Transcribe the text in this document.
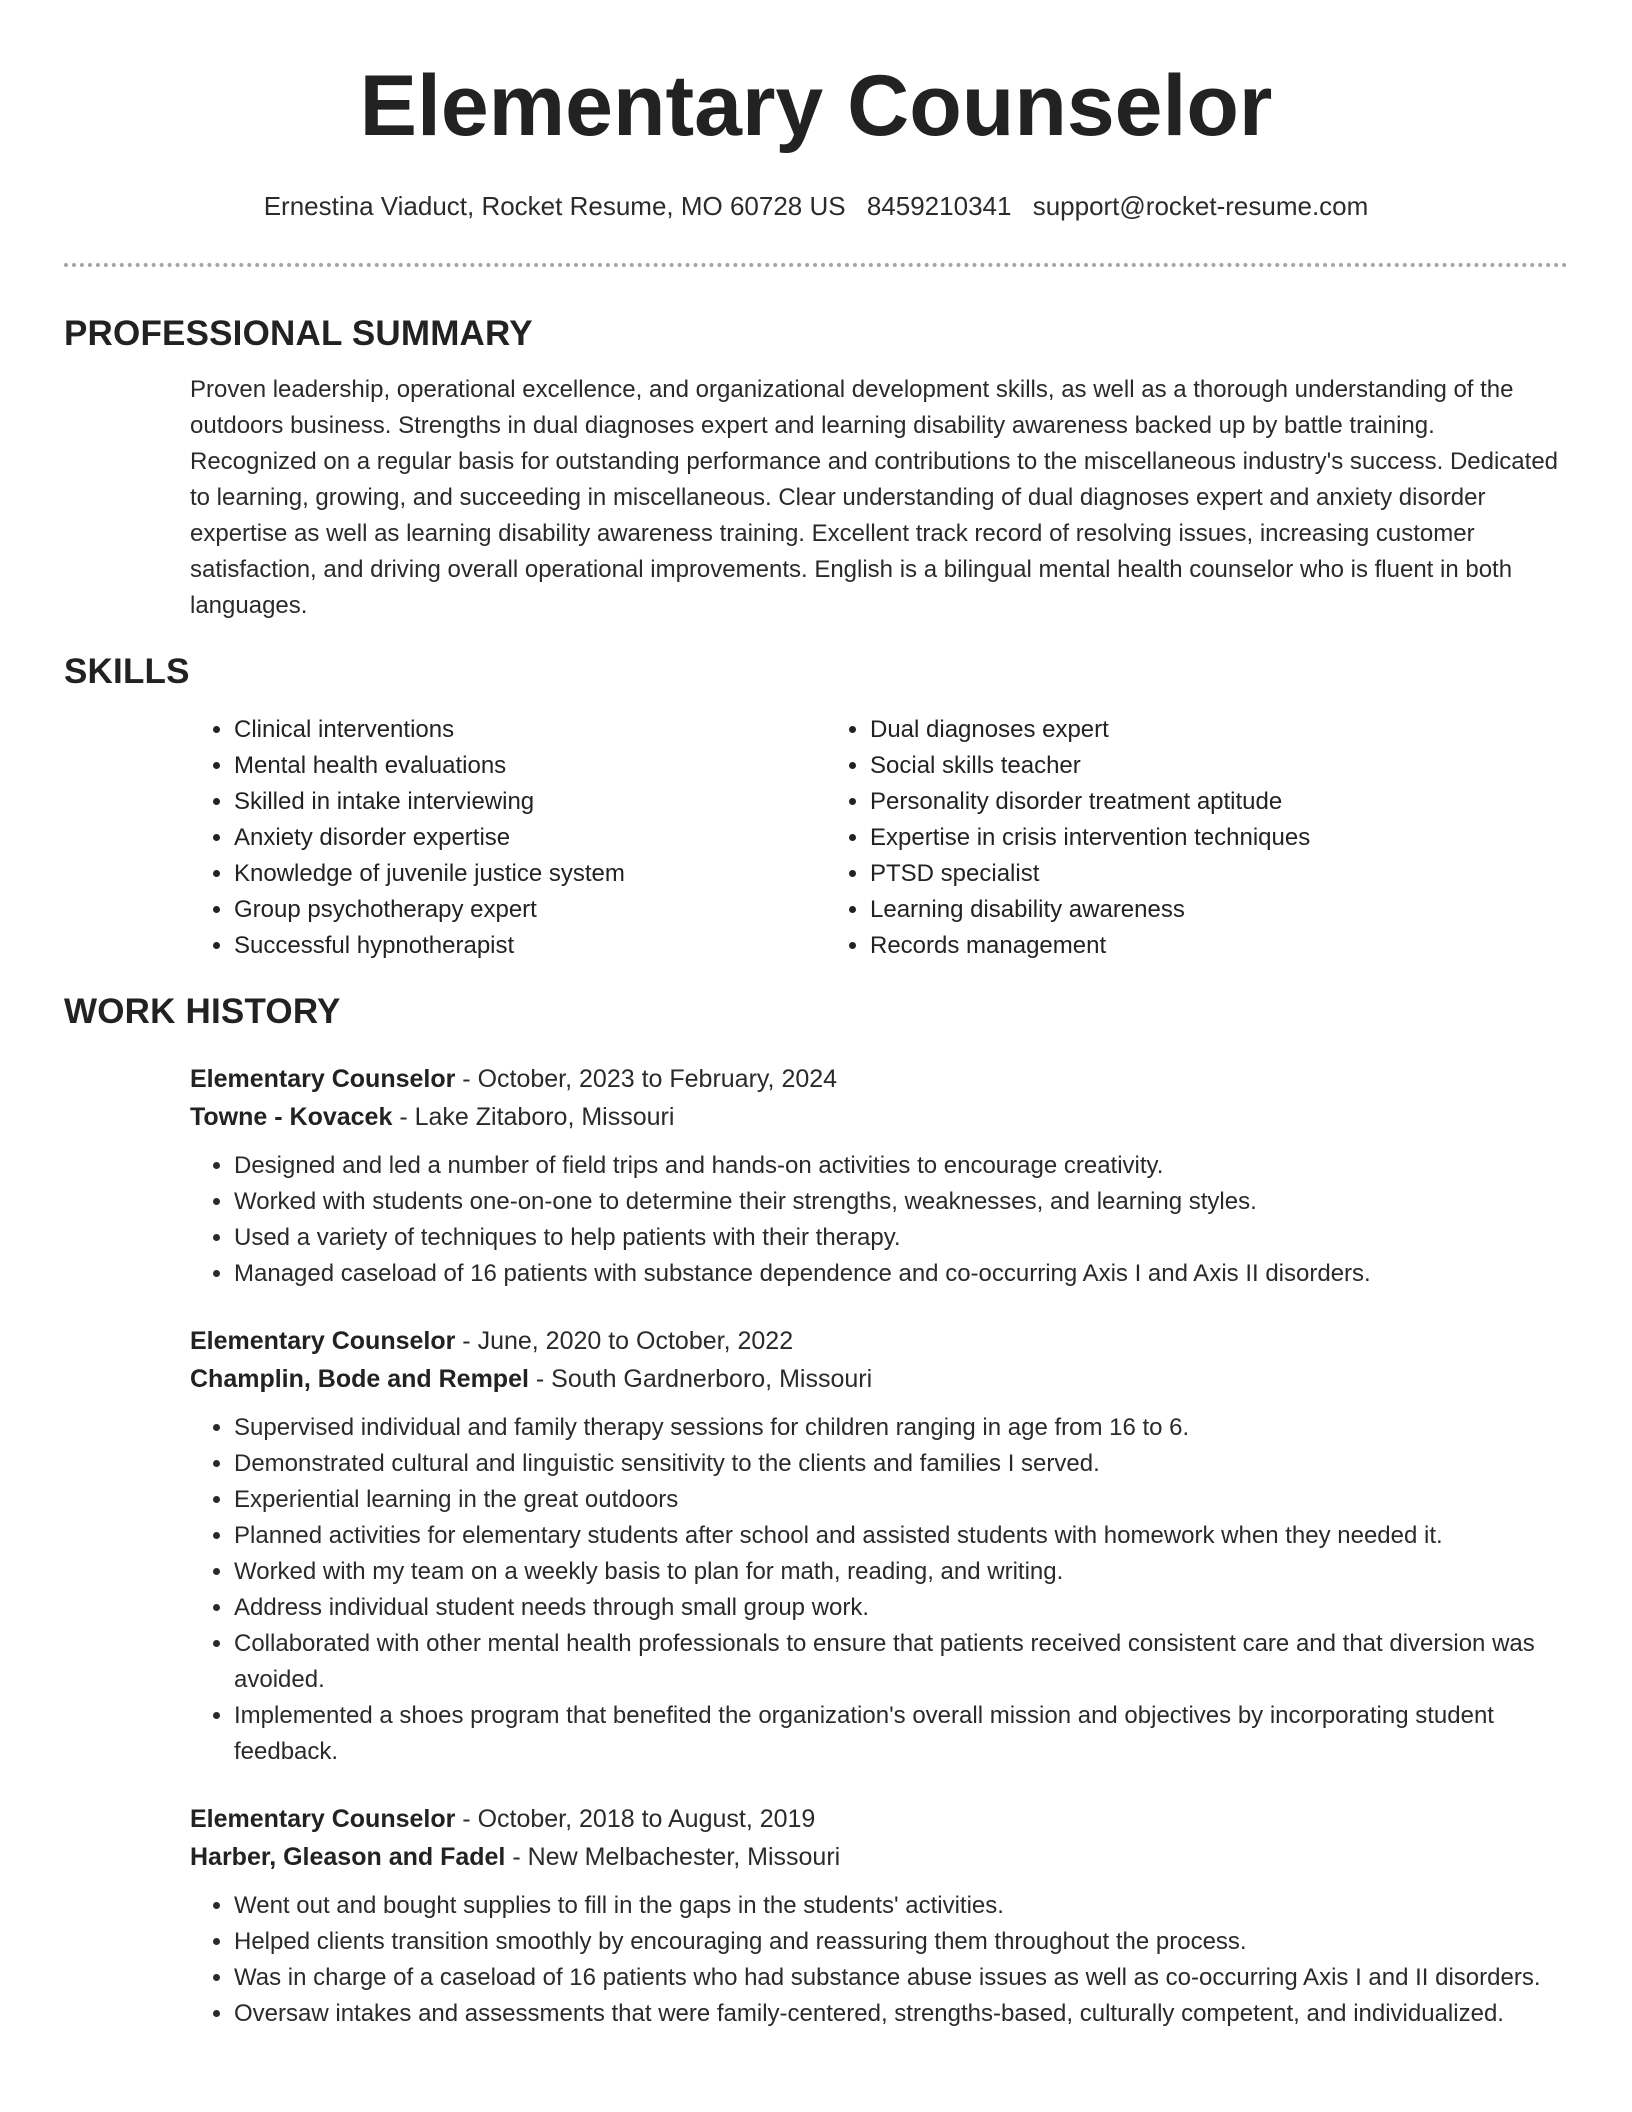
Elementary Counselor
Ernestina Viaduct, Rocket Resume, MO 60728 US 8459210341 support@rocket-resume.com
PROFESSIONAL SUMMARY
Proven leadership, operational excellence, and organizational development skills, as well as a thorough understanding of the outdoors business. Strengths in dual diagnoses expert and learning disability awareness backed up by battle training. Recognized on a regular basis for outstanding performance and contributions to the miscellaneous industry's success. Dedicated to learning, growing, and succeeding in miscellaneous. Clear understanding of dual diagnoses expert and anxiety disorder expertise as well as learning disability awareness training. Excellent track record of resolving issues, increasing customer satisfaction, and driving overall operational improvements. English is a bilingual mental health counselor who is fluent in both languages.
SKILLS
• Clinical interventions
• Mental health evaluations
• Skilled in intake interviewing
• Anxiety disorder expertise
• Knowledge of juvenile justice system
• Group psychotherapy expert
• Successful hypnotherapist
• Dual diagnoses expert
• Social skills teacher
• Personality disorder treatment aptitude
• Expertise in crisis intervention techniques
• PTSD specialist
• Learning disability awareness
• Records management
WORK HISTORY
Elementary Counselor - October, 2023 to February, 2024
Towne - Kovacek - Lake Zitaboro, Missouri
• Designed and led a number of field trips and hands-on activities to encourage creativity.
• Worked with students one-on-one to determine their strengths, weaknesses, and learning styles.
• Used a variety of techniques to help patients with their therapy.
• Managed caseload of 16 patients with substance dependence and co-occurring Axis I and Axis II disorders.
Elementary Counselor - June, 2020 to October, 2022
Champlin, Bode and Rempel - South Gardnerboro, Missouri
• Supervised individual and family therapy sessions for children ranging in age from 16 to 6.
• Demonstrated cultural and linguistic sensitivity to the clients and families I served.
• Experiential learning in the great outdoors
• Planned activities for elementary students after school and assisted students with homework when they needed it.
• Worked with my team on a weekly basis to plan for math, reading, and writing.
• Address individual student needs through small group work.
• Collaborated with other mental health professionals to ensure that patients received consistent care and that diversion was avoided.
• Implemented a shoes program that benefited the organization's overall mission and objectives by incorporating student feedback.
Elementary Counselor - October, 2018 to August, 2019
Harber, Gleason and Fadel - New Melbachester, Missouri
• Went out and bought supplies to fill in the gaps in the students' activities.
• Helped clients transition smoothly by encouraging and reassuring them throughout the process.
• Was in charge of a caseload of 16 patients who had substance abuse issues as well as co-occurring Axis I and II disorders.
• Oversaw intakes and assessments that were family-centered, strengths-based, culturally competent, and individualized.
